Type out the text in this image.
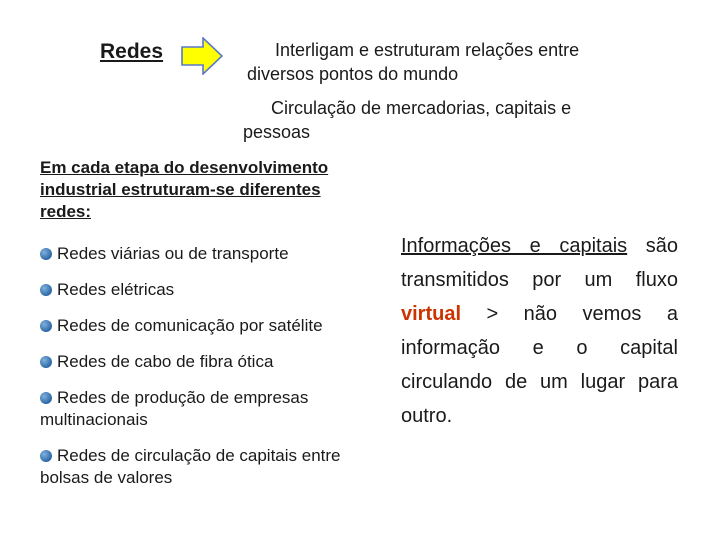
Redes	Interligam e estruturam relações entre
diversos pontos do mundo
Circulação de mercadorias, capitais e
pessoas
Em cada etapa do desenvolvimento industrial estruturam-se diferentes redes:
Redes viárias ou de transporte
Redes elétricas
Redes de comunicação por satélite
Redes de cabo de fibra ótica
Redes de produção de empresas multinacionais
Redes de circulação de capitais entre bolsas de valores
Informações e capitais são transmitidos por um fluxo virtual > não vemos a informação e o capital circulando de um lugar para outro.
